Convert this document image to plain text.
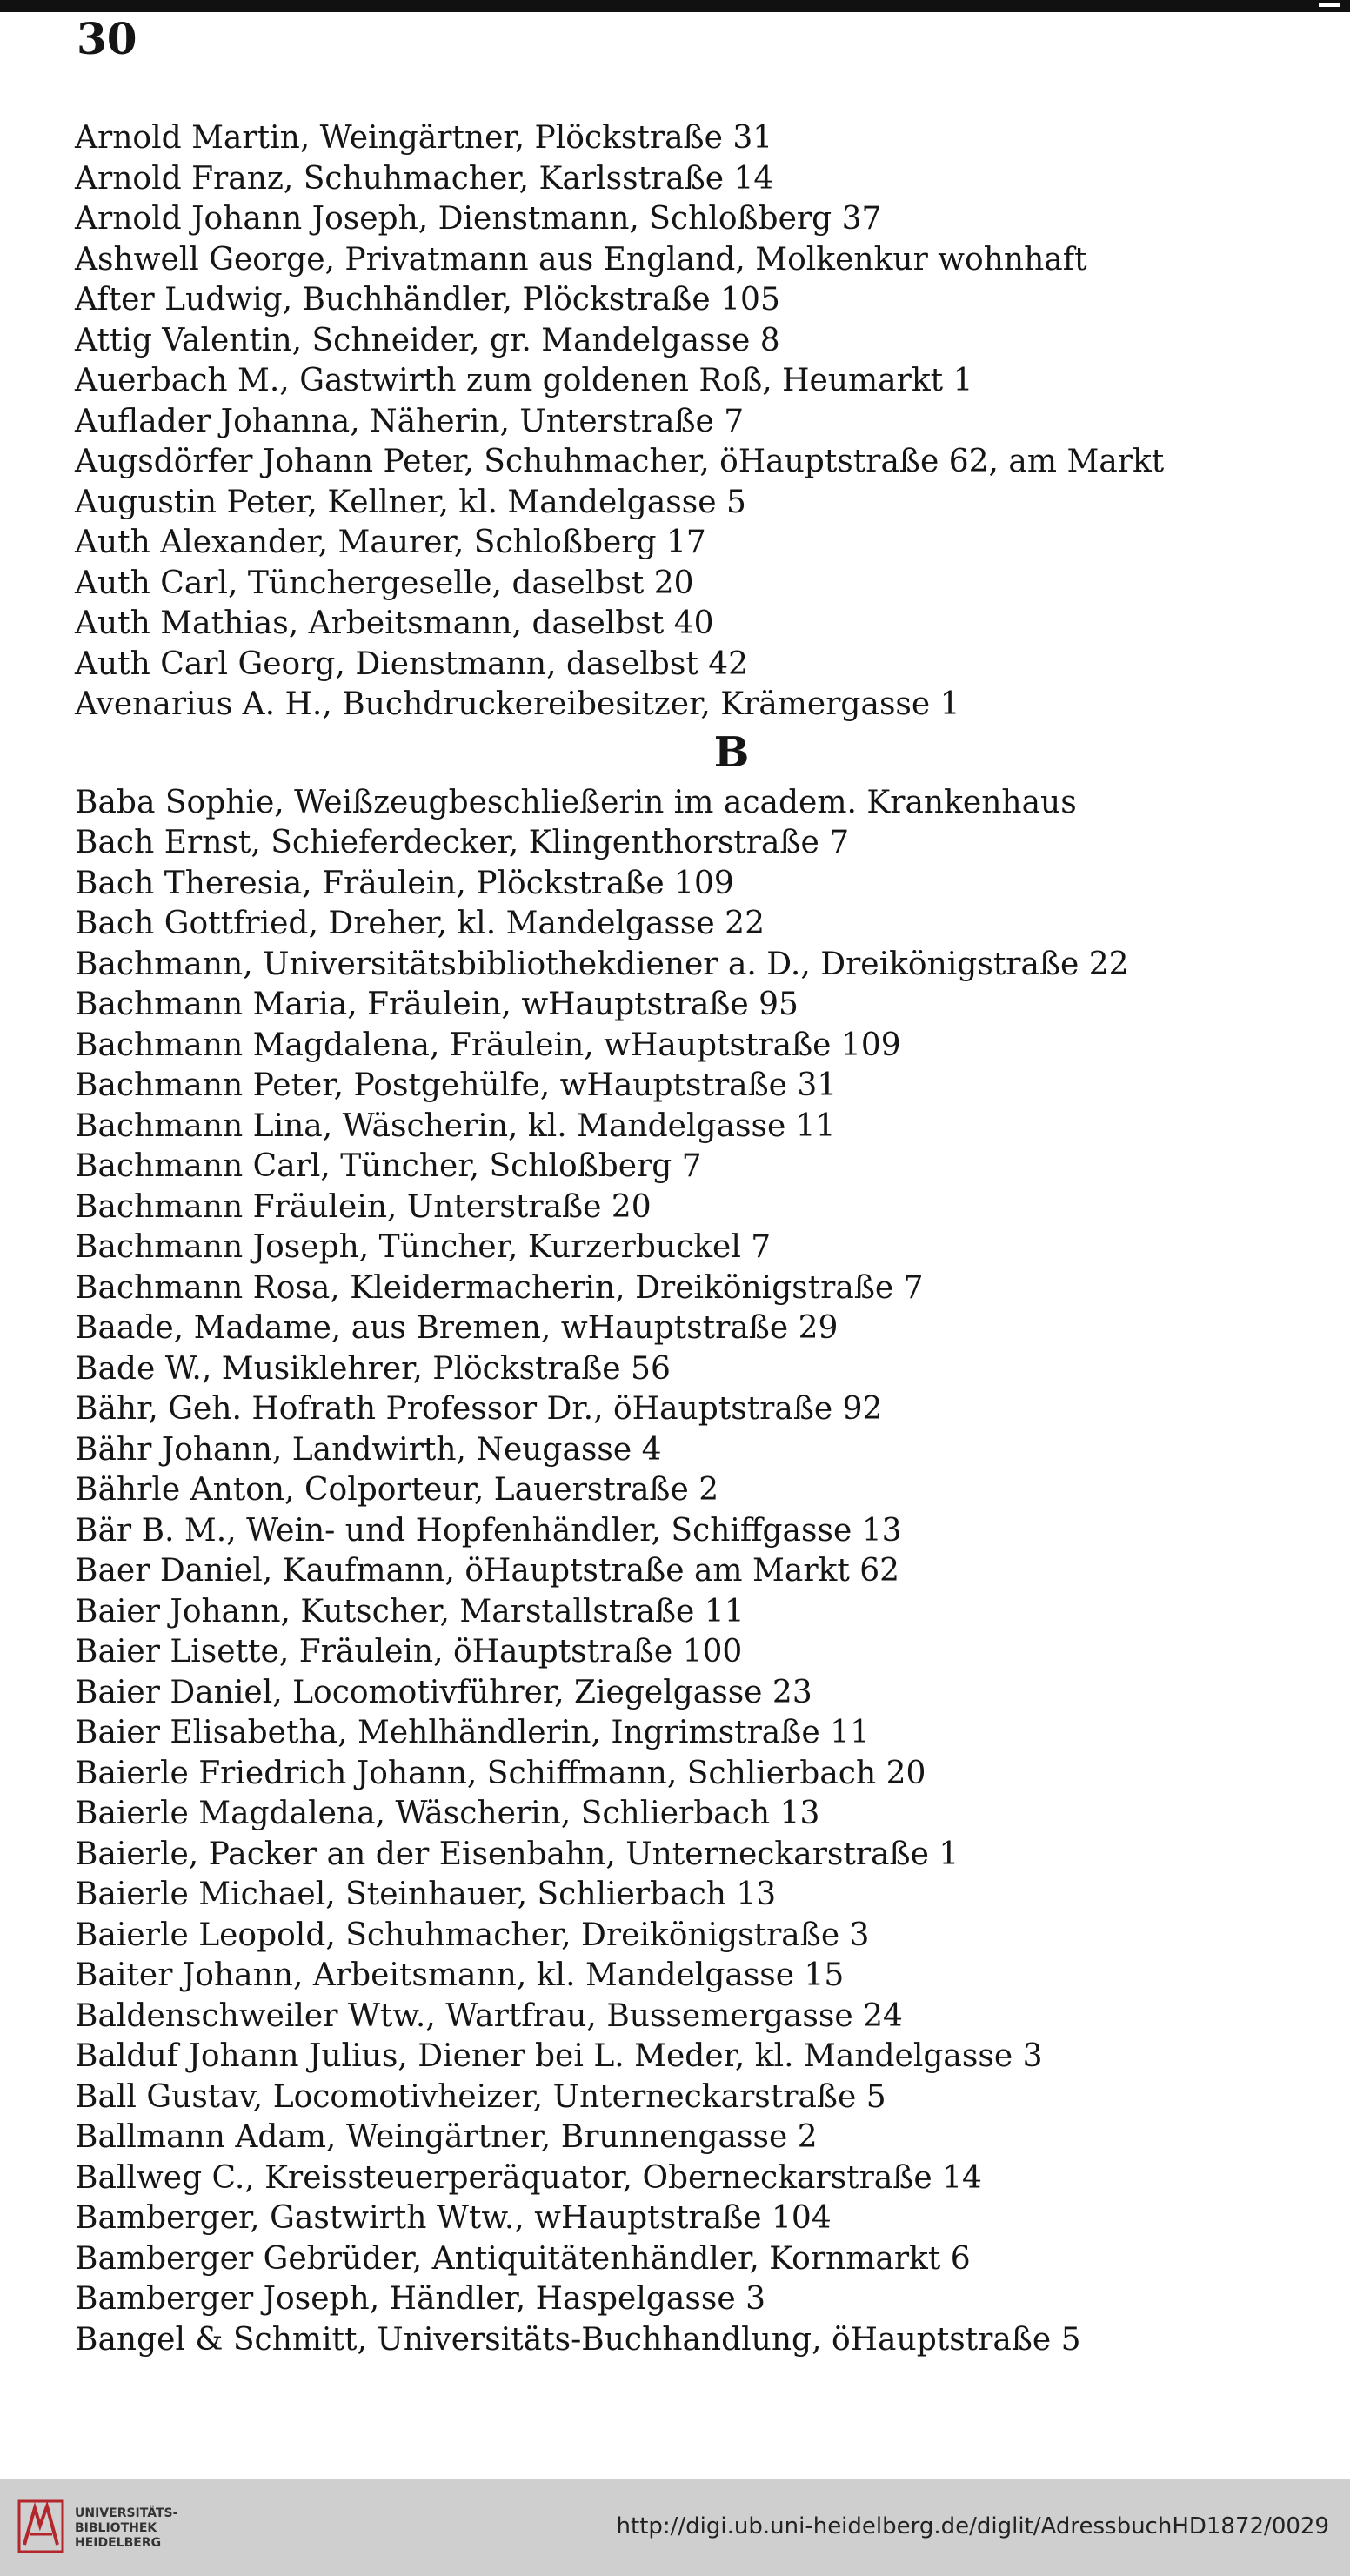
30
Arnold Martin, Weingärtner, Plöckstraße 31
Arnold Franz, Schuhmacher, Karlsstraße 14
Arnold Johann Joseph, Dienstmann, Schloßberg 37
Ashwell George, Privatmann aus England, Molkenkur wohnhaft
After Ludwig, Buchhändler, Plöckstraße 105
Attig Valentin, Schneider, gr. Mandelgasse 8
Auerbach M., Gastwirth zum goldenen Roß, Heumarkt 1
Auflader Johanna, Näherin, Unterstraße 7
Augsdörfer Johann Peter, Schuhmacher, öHauptstraße 62, am Markt
Augustin Peter, Kellner, kl. Mandelgasse 5
Auth Alexander, Maurer, Schloßberg 17
Auth Carl, Tünchergeselle, daselbst 20
Auth Mathias, Arbeitsmann, daselbst 40
Auth Carl Georg, Dienstmann, daselbst 42
Avenarius A. H., Buchdruckereibesitzer, Krämergasse 1
B
Baba Sophie, Weißzeugbeschließerin im academ. Krankenhaus
Bach Ernst, Schieferdecker, Klingenthorstraße 7
Bach Theresia, Fräulein, Plöckstraße 109
Bach Gottfried, Dreher, kl. Mandelgasse 22
Bachmann, Universitätsbibliothekdiener a. D., Dreikönigstraße 22
Bachmann Maria, Fräulein, wHauptstraße 95
Bachmann Magdalena, Fräulein, wHauptstraße 109
Bachmann Peter, Postgehülfe, wHauptstraße 31
Bachmann Lina, Wäscherin, kl. Mandelgasse 11
Bachmann Carl, Tüncher, Schloßberg 7
Bachmann Fräulein, Unterstraße 20
Bachmann Joseph, Tüncher, Kurzerbuckel 7
Bachmann Rosa, Kleidermacherin, Dreikönigstraße 7
Baade, Madame, aus Bremen, wHauptstraße 29
Bade W., Musiklehrer, Plöckstraße 56
Bähr, Geh. Hofrath Professor Dr., öHauptstraße 92
Bähr Johann, Landwirth, Neugasse 4
Bährle Anton, Colporteur, Lauerstraße 2
Bär B. M., Wein- und Hopfenhändler, Schiffgasse 13
Baer Daniel, Kaufmann, öHauptstraße am Markt 62
Baier Johann, Kutscher, Marstallstraße 11
Baier Lisette, Fräulein, öHauptstraße 100
Baier Daniel, Locomotivführer, Ziegelgasse 23
Baier Elisabetha, Mehlhändlerin, Ingrimstraße 11
Baierle Friedrich Johann, Schiffmann, Schlierbach 20
Baierle Magdalena, Wäscherin, Schlierbach 13
Baierle, Packer an der Eisenbahn, Unterneckarstraße 1
Baierle Michael, Steinhauer, Schlierbach 13
Baierle Leopold, Schuhmacher, Dreikönigstraße 3
Baiter Johann, Arbeitsmann, kl. Mandelgasse 15
Baldenschweiler Wtw., Wartfrau, Bussemergasse 24
Balduf Johann Julius, Diener bei L. Meder, kl. Mandelgasse 3
Ball Gustav, Locomotivheizer, Unterneckarstraße 5
Ballmann Adam, Weingärtner, Brunnengasse 2
Ballweg C., Kreissteuerperäquator, Oberneckarstraße 14
Bamberger, Gastwirth Wtw., wHauptstraße 104
Bamberger Gebrüder, Antiquitätenhändler, Kornmarkt 6
Bamberger Joseph, Händler, Haspelgasse 3
Bangel & Schmitt, Universitäts-Buchhandlung, öHauptstraße 5
UNIVERSITÄTS-
BIBLIOTHEK
HEIDELBERG
http://digi.ub.uni-heidelberg.de/diglit/AdressbuchHD1872/0029
